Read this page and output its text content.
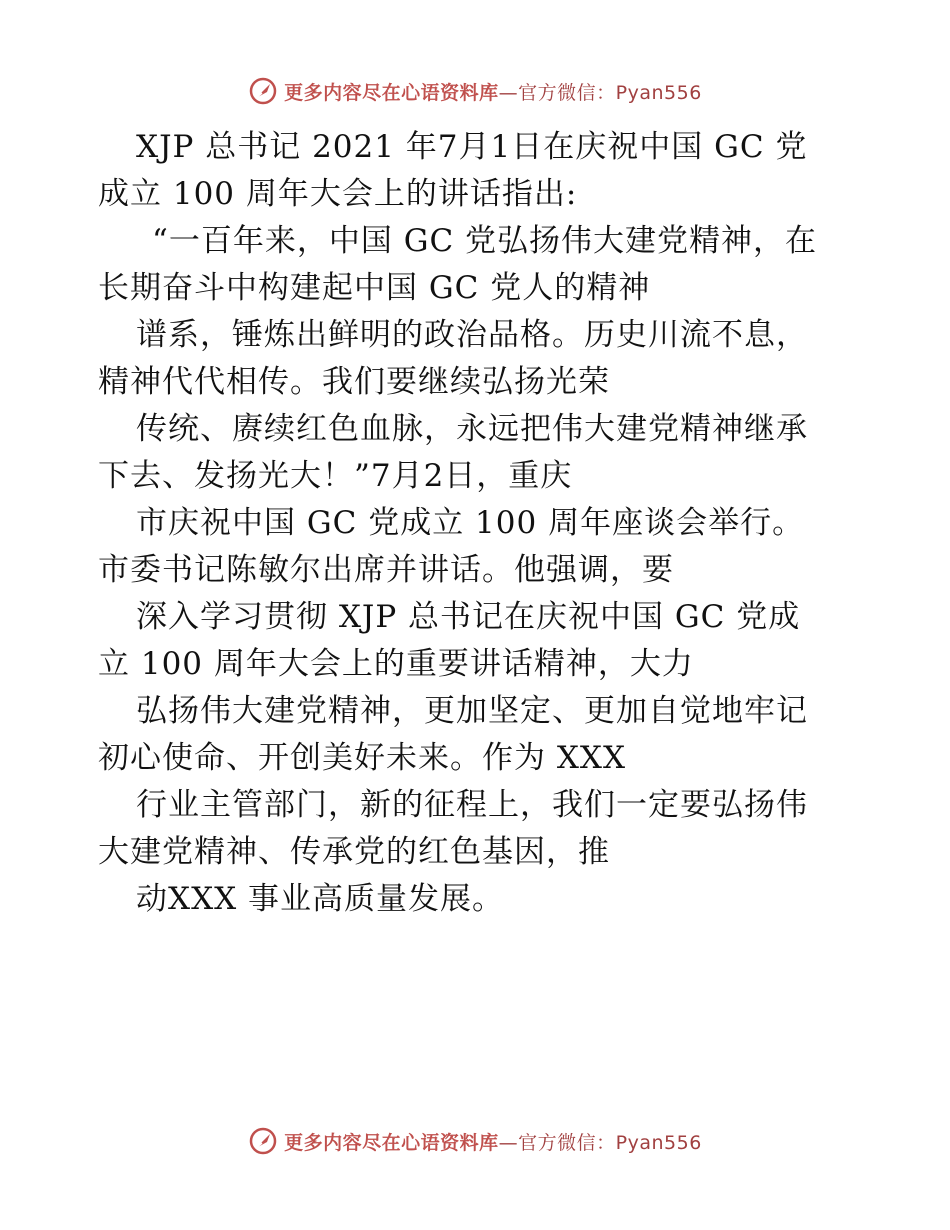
更多内容尽在心语资料库—官方微信：Pyan556
XJP 总书记 2021 年7月1日在庆祝中国 GC 党
成立 100 周年大会上的讲话指出:
“一百年来，中国 GC 党弘扬伟大建党精神，在
长期奋斗中构建起中国 GC 党人的精神
谱系，锤炼出鲜明的政治品格。历史川流不息，
精神代代相传。我们要继续弘扬光荣
传统、赓续红色血脉，永远把伟大建党精神继承
下去、发扬光大！”7月2日，重庆
市庆祝中国 GC 党成立 100 周年座谈会举行。
市委书记陈敏尔出席并讲话。他强调，要
深入学习贯彻 XJP 总书记在庆祝中国 GC 党成
立 100 周年大会上的重要讲话精神，大力
弘扬伟大建党精神，更加坚定、更加自觉地牢记
初心使命、开创美好未来。作为 XXX
行业主管部门，新的征程上，我们一定要弘扬伟
大建党精神、传承党的红色基因，推
动XXX 事业高质量发展。
更多内容尽在心语资料库—官方微信：Pyan556
